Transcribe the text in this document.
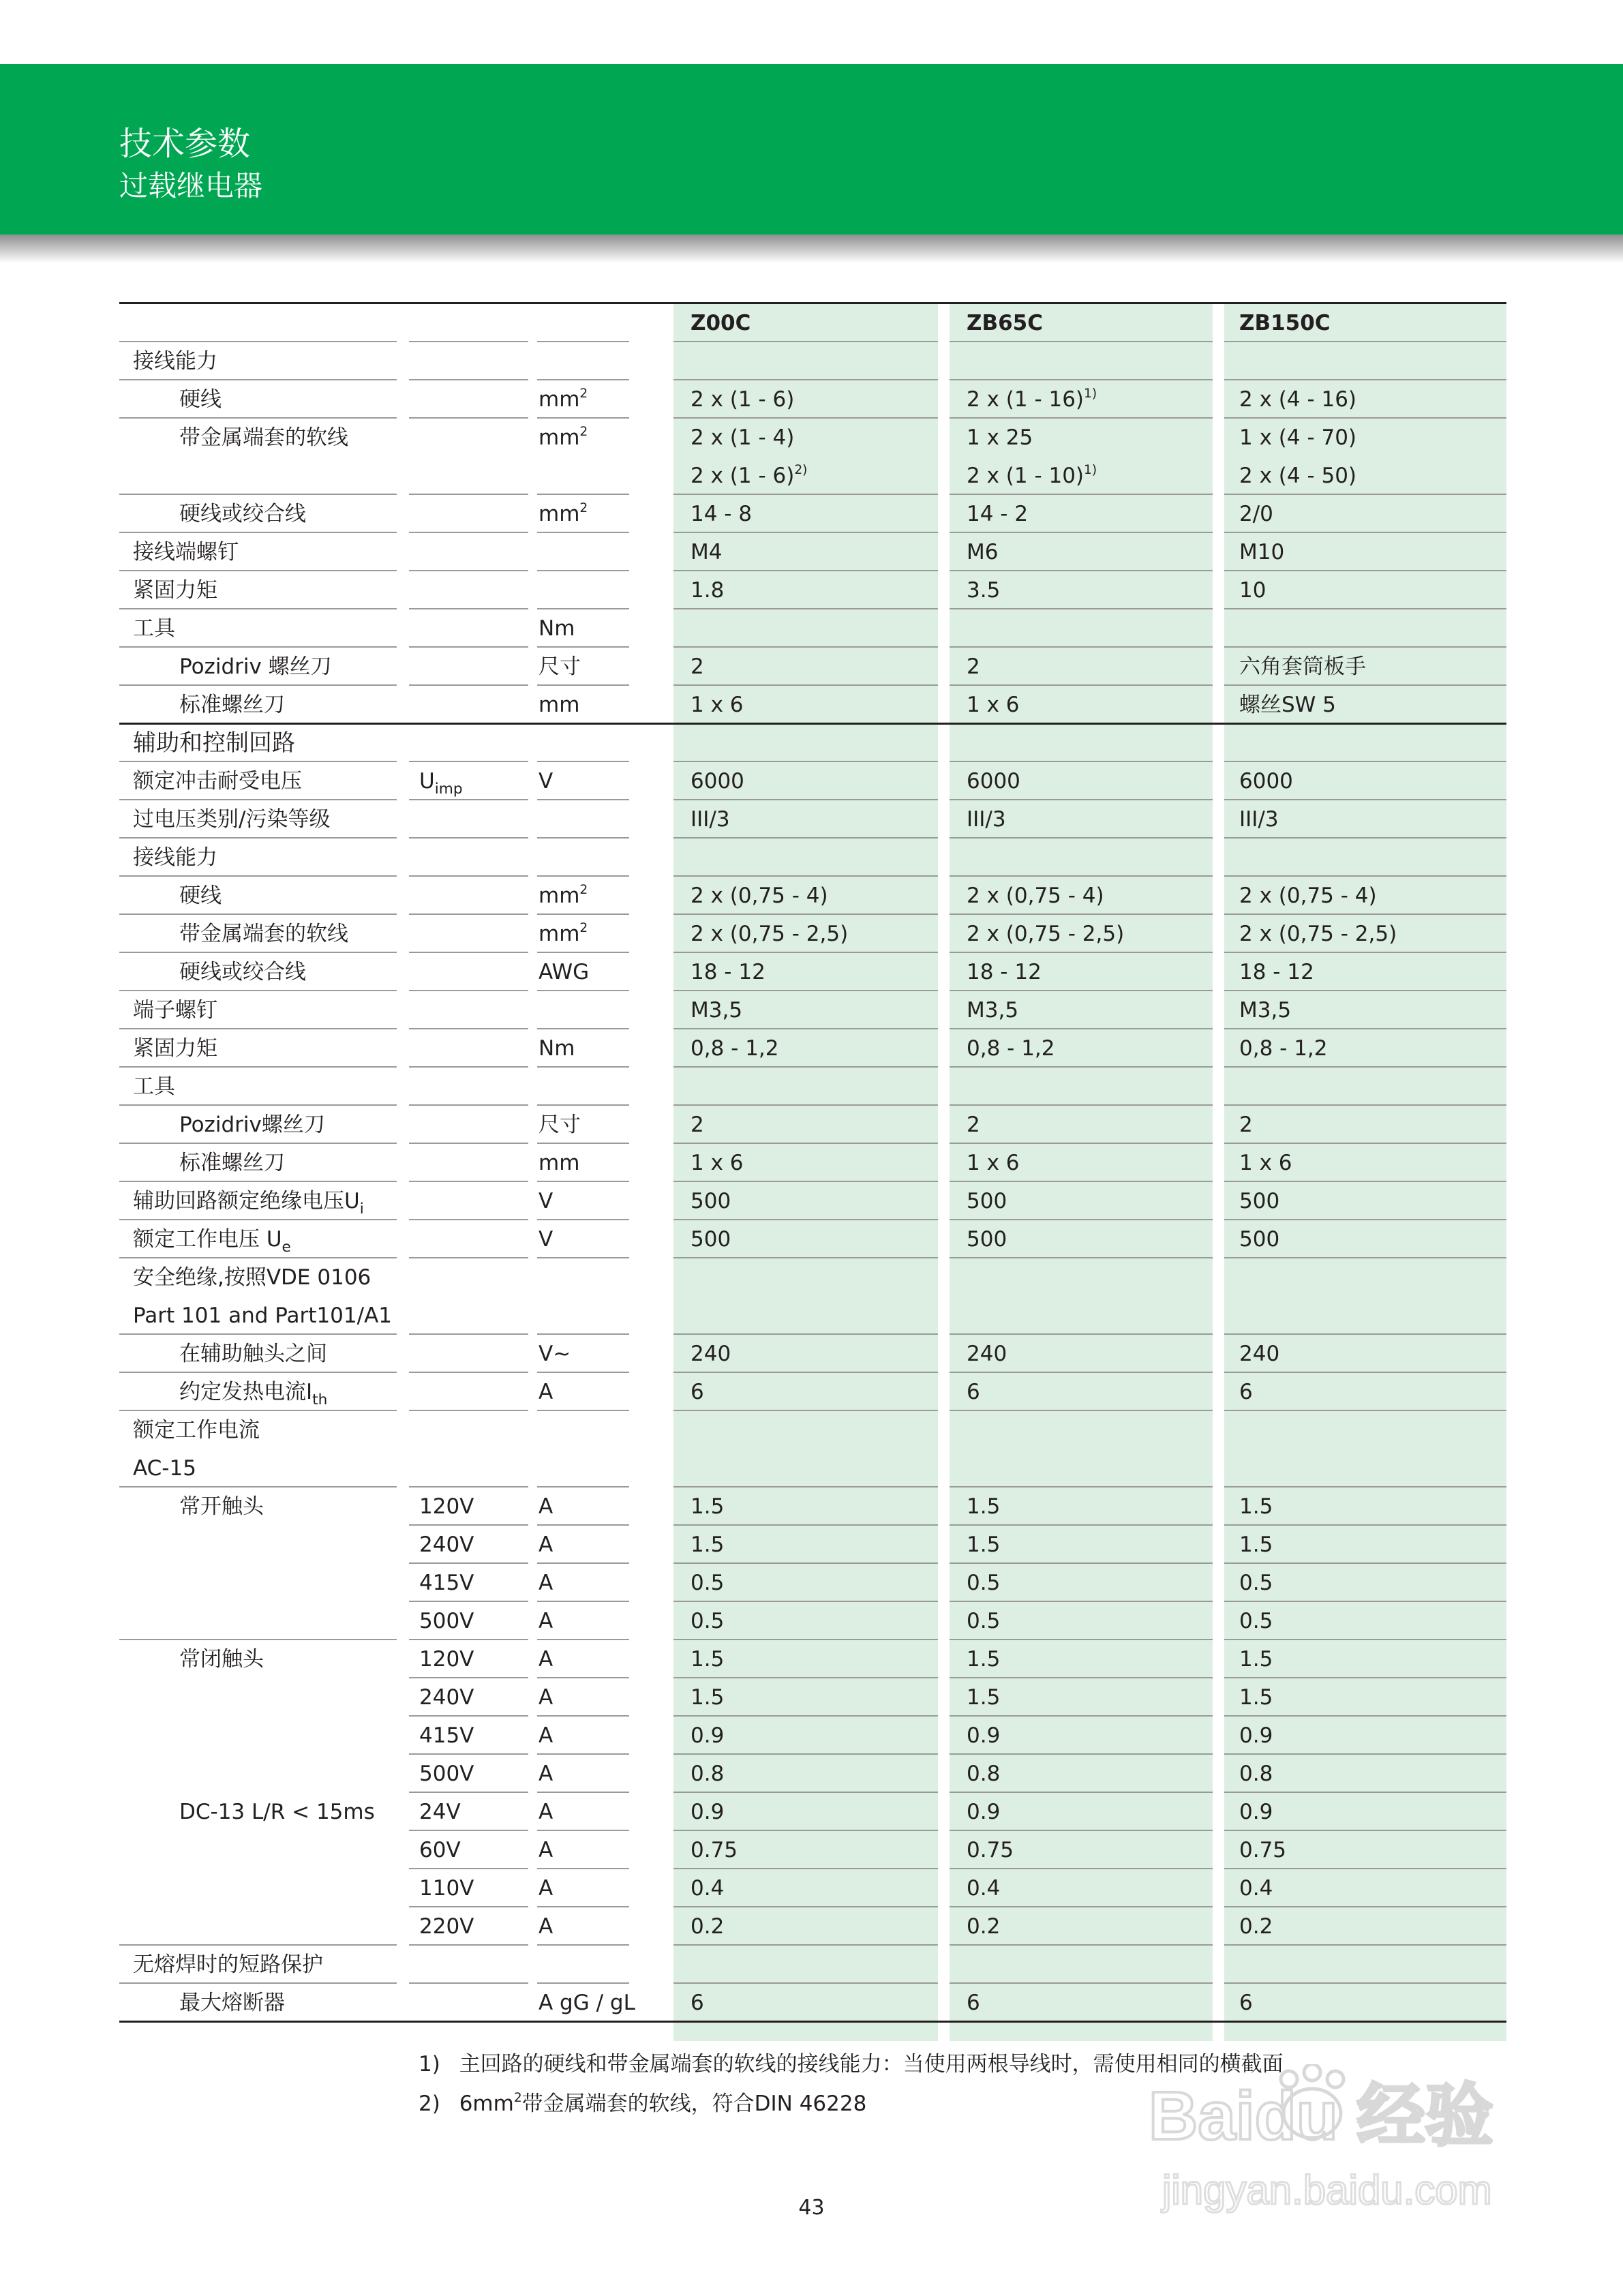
技术参数
过载继电器
Z00C	ZB65C	ZB150C
接线能力
硬线	$mm^2$	2 x (1 - 6)	2 x (1 - 16)$^{1)}$	2 x (4 - 16)
带金属端套的软线	$mm^2$	2 x (1 - 4)	1 x 25	1 x (4 - 70)
2 x (1 - 6)$^{2)}$	2 x (1 - 10)$^{1)}$	2 x (4 - 50)
硬线或绞合线	$mm^2$	14 - 8	14 - 2	2/0
接线端螺钉	M4	M6	M10
紧固力矩	1.8	3.5	10
工具	Nm
Pozidriv 螺丝刀	尺寸	2	2	六角套筒板手
标准螺丝刀	mm	1 x 6	1 x 6	螺丝SW 5
辅助和控制回路
额定冲击耐受电压	$U_{imp}$	V	6000	6000	6000
过电压类别/污染等级	III/3	III/3	III/3
接线能力
硬线	$mm^2$	2 x (0,75 - 4)	2 x (0,75 - 4)	2 x (0,75 - 4)
带金属端套的软线	$mm^2$	2 x (0,75 - 2,5)	2 x (0,75 - 2,5)	2 x (0,75 - 2,5)
硬线或绞合线	AWG	18 - 12	18 - 12	18 - 12
端子螺钉	M3,5	M3,5	M3,5
紧固力矩	Nm	0,8 - 1,2	0,8 - 1,2	0,8 - 1,2
工具
Pozidriv螺丝刀	尺寸	2	2	2
标准螺丝刀	mm	1 x 6	1 x 6	1 x 6
辅助回路额定绝缘电压$U_i$	V	500	500	500
额定工作电压 $U_e$	V	500	500	500
安全绝缘,按照VDE 0106
Part 101 and Part101/A1
在辅助触头之间	V~	240	240	240
约定发热电流$I_{th}$	A	6	6	6
额定工作电流
AC-15
常开触头	120V	A	1.5	1.5	1.5
240V	A	1.5	1.5	1.5
415V	A	0.5	0.5	0.5
500V	A	0.5	0.5	0.5
常闭触头	120V	A	1.5	1.5	1.5
240V	A	1.5	1.5	1.5
415V	A	0.9	0.9	0.9
500V	A	0.8	0.8	0.8
DC-13 L/R < 15ms 24V	A	0.9	0.9	0.9
60V	A	0.75	0.75	0.75
110V	A	0.4	0.4	0.4
220V	A	0.2	0.2	0.2
无熔焊时的短路保护
最大熔断器	A gG / gL	6	6	6
1) 主回路的硬线和带金属端套的软线的接线能力：当使用两根导线时，需使用相同的横截面
2) $6mm^2$带金属端套的软线，符合DIN 46228
43
Baidu 经验
jingyan.baidu.com
